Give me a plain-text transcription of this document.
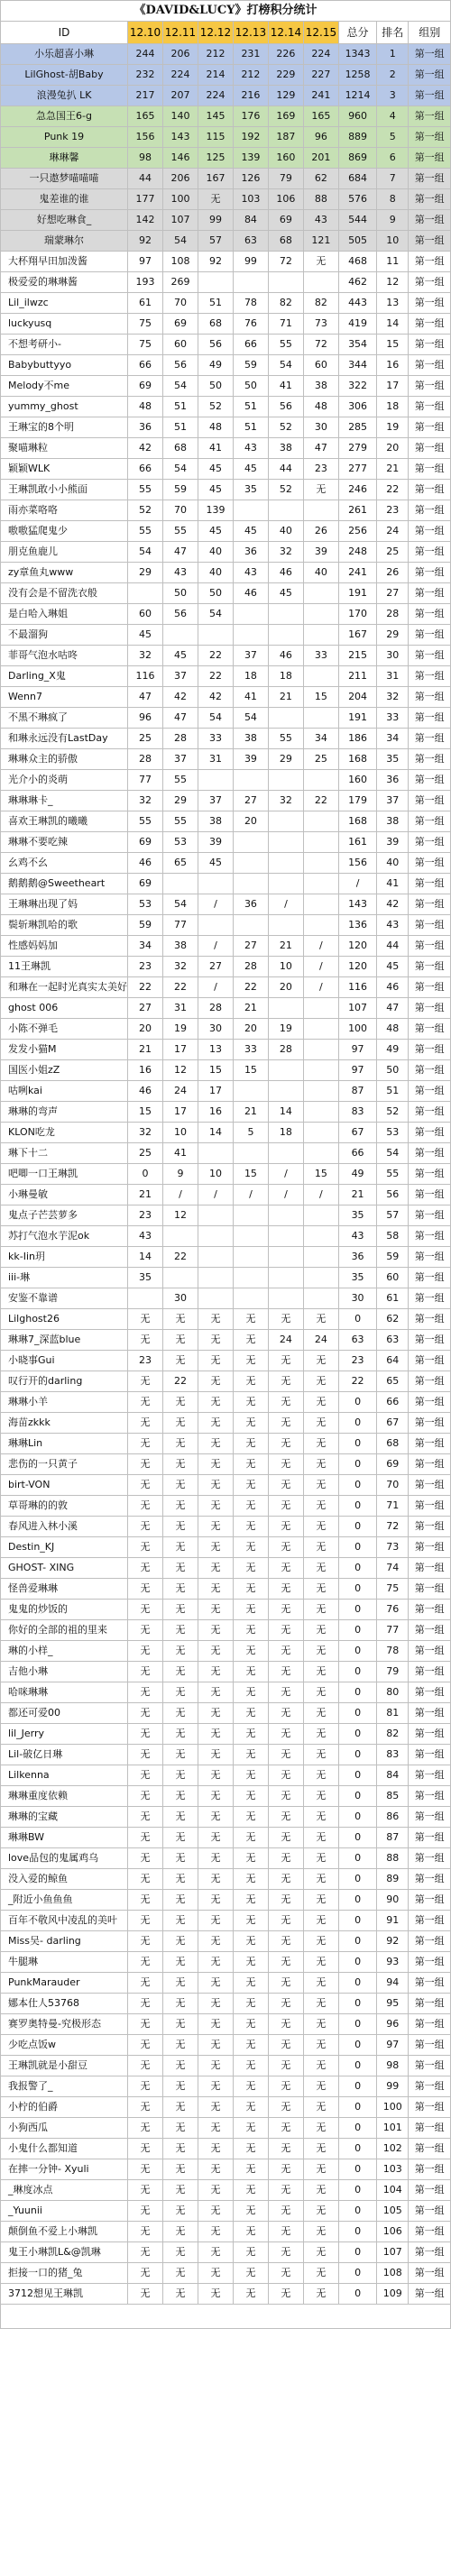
《DAVID&LUCY》打榜积分统计									
ID	12.10	12.11	12.12	12.13	12.14	12.15	总分	排名	组别
小乐超喜小琳	244	206	212	231	226	224	1343	1	第一组
LilGhost-胡Baby	232	224	214	212	229	227	1258	2	第一组
浪漫兔扒 LK	217	207	224	216	129	241	1214	3	第一组
急急国王6-g	165	140	145	176	169	165	960	4	第一组
Punk 19	156	143	115	192	187	96	889	5	第一组
琳琳馨	98	146	125	139	160	201	869	6	第一组
一只遨梦喵喵喵	44	206	167	126	79	62	684	7	第一组
鬼差谁的谁	177	100	无	103	106	88	576	8	第一组
好想吃琳食_	142	107	99	84	69	43	544	9	第一组
瑞蒙琳尔	92	54	57	63	68	121	505	10	第一组
大杯翔早田加泼酱	97	108	92	99	72	无	468	11	第一组
极爱爱的琳琳酱	193	269					462	12	第一组
Lil_ilwzc	61	70	51	78	82	82	443	13	第一组
luckyusq	75	69	68	76	71	73	419	14	第一组
不想考研小-	75	60	56	66	55	72	354	15	第一组
Babybuttyyo	66	56	49	59	54	60	344	16	第一组
Melody不me	69	54	50	50	41	38	322	17	第一组
yummy_ghost	48	51	52	51	56	48	306	18	第一组
王琳宝的8个明	36	51	48	51	52	30	285	19	第一组
聚喵琳粒	42	68	41	43	38	47	279	20	第一组
颖颖WLK	66	54	45	45	44	23	277	21	第一组
王琳凯敢小小熊面	55	59	45	35	52	无	246	22	第一组
雨亦菜咯咯	52	70	139				261	23	第一组
嗷嗷猛爬鬼少	55	55	45	45	40	26	256	24	第一组
朋克鱼鹿儿	54	47	40	36	32	39	248	25	第一组
zy章鱼丸www	29	43	40	43	46	40	241	26	第一组
没有会是不留洗衣般		50	50	46	45		191	27	第一组
是白哈入琳姐	60	56	54				170	28	第一组
不最溜狗	45						167	29	第一组
菲哥气泡水咕咚	32	45	22	37	46	33	215	30	第一组
Darling_X鬼	116	37	22	18	18		211	31	第一组
Wenn7	47	42	42	41	21	15	204	32	第一组
不黑不琳疯了	96	47	54	54			191	33	第一组
和琳永远没有LastDay	25	28	33	38	55	34	186	34	第一组
琳琳众主的骄傲	28	37	31	39	29	25	168	35	第一组
光介小的炎萌	77	55					160	36	第一组
琳琳琳卡_	32	29	37	27	32	22	179	37	第一组
喜欢王琳凯的曦曦	55	55	38	20			168	38	第一组
琳琳不要吃辣	69	53	39				161	39	第一组
幺鸡不幺	46	65	45				156	40	第一组
鹅鹅鹅@Sweetheart	69						/	41	第一组
王琳琳出现了妈	53	54	/	36	/		143	42	第一组
鬓斩琳凯哈的歌	59	77					136	43	第一组
性感妈妈加	34	38	/	27	21	/	120	44	第一组
11王琳凯	23	32	27	28	10	/	120	45	第一组
和琳在一起时光真实太美好	22	22	/	22	20	/	116	46	第一组
ghost 006	27	31	28	21			107	47	第一组
小陈不弹毛	20	19	30	20	19		100	48	第一组
发发小猫M	21	17	13	33	28		97	49	第一组
国医小姐zZ	16	12	15	15			97	50	第一组
咕咧kai	46	24	17				87	51	第一组
琳琳的弯声	15	17	16	21	14		83	52	第一组
KLON吃龙	32	10	14	5	18		67	53	第一组
琳下十二	25	41					66	54	第一组
吧唧一口王琳凯	0	9	10	15	/	15	49	55	第一组
小琳曼敏	21	/	/	/	/	/	21	56	第一组
鬼点子芒芸萝多	23	12					35	57	第一组
苏打气泡水芋泥ok	43						43	58	第一组
kk-Iin玥	14	22					36	59	第一组
iii-琳	35						35	60	第一组
安鉴不靠谱		30					30	61	第一组
Lilghost26	无	无	无	无	无	无	0	62	第一组
琳琳7_深蓝blue	无	无	无	无	24	24	63	63	第一组
小晓事Gui	23	无	无	无	无	无	23	64	第一组
叹行开的darling	无	22	无	无	无	无	22	65	第一组
琳琳小羊	无	无	无	无	无	无	0	66	第一组
海苗zkkk	无	无	无	无	无	无	0	67	第一组
琳琳Lin	无	无	无	无	无	无	0	68	第一组
悲伤的一只黄子	无	无	无	无	无	无	0	69	第一组
birt-VON	无	无	无	无	无	无	0	70	第一组
草哥琳的的敦	无	无	无	无	无	无	0	71	第一组
春风进入林小溪	无	无	无	无	无	无	0	72	第一组
Destin_KJ	无	无	无	无	无	无	0	73	第一组
GHOST- XING	无	无	无	无	无	无	0	74	第一组
怪兽爱琳琳	无	无	无	无	无	无	0	75	第一组
鬼鬼的炒饭的	无	无	无	无	无	无	0	76	第一组
你好的全部的祖的里来	无	无	无	无	无	无	0	77	第一组
琳的小样_	无	无	无	无	无	无	0	78	第一组
吉他小琳	无	无	无	无	无	无	0	79	第一组
哈咪琳琳	无	无	无	无	无	无	0	80	第一组
都还可爱00	无	无	无	无	无	无	0	81	第一组
lil_Jerry	无	无	无	无	无	无	0	82	第一组
Lil-破亿日琳	无	无	无	无	无	无	0	83	第一组
Lilkenna	无	无	无	无	无	无	0	84	第一组
琳琳重度依赖	无	无	无	无	无	无	0	85	第一组
琳琳的宝藏	无	无	无	无	无	无	0	86	第一组
琳琳BW	无	无	无	无	无	无	0	87	第一组
love品包的鬼属鸡乌	无	无	无	无	无	无	0	88	第一组
没入爱的鲸鱼	无	无	无	无	无	无	0	89	第一组
_附近小鱼鱼鱼	无	无	无	无	无	无	0	90	第一组
百年不敬风中凌乱的美叶	无	无	无	无	无	无	0	91	第一组
Miss吴- darling	无	无	无	无	无	无	0	92	第一组
牛腿琳	无	无	无	无	无	无	0	93	第一组
PunkMarauder	无	无	无	无	无	无	0	94	第一组
娜本仕人53768	无	无	无	无	无	无	0	95	第一组
赛罗奥特曼-究极形态	无	无	无	无	无	无	0	96	第一组
少吃点饭w	无	无	无	无	无	无	0	97	第一组
王琳凯就是小甜豆	无	无	无	无	无	无	0	98	第一组
我报警了_	无	无	无	无	无	无	0	99	第一组
小柠的伯爵	无	无	无	无	无	无	0	100	第一组
小狗西瓜	无	无	无	无	无	无	0	101	第一组
小鬼什么都知道	无	无	无	无	无	无	0	102	第一组
在摔一分钟- Xyuli	无	无	无	无	无	无	0	103	第一组
_琳度冰点	无	无	无	无	无	无	0	104	第一组
_Yuunii	无	无	无	无	无	无	0	105	第一组
颠倒鱼不爱上小琳凯	无	无	无	无	无	无	0	106	第一组
鬼王小琳凯L&@凯琳	无	无	无	无	无	无	0	107	第一组
拒接一口的猪_兔	无	无	无	无	无	无	0	108	第一组
3712想见王琳凯	无	无	无	无	无	无	0	109	第一组
